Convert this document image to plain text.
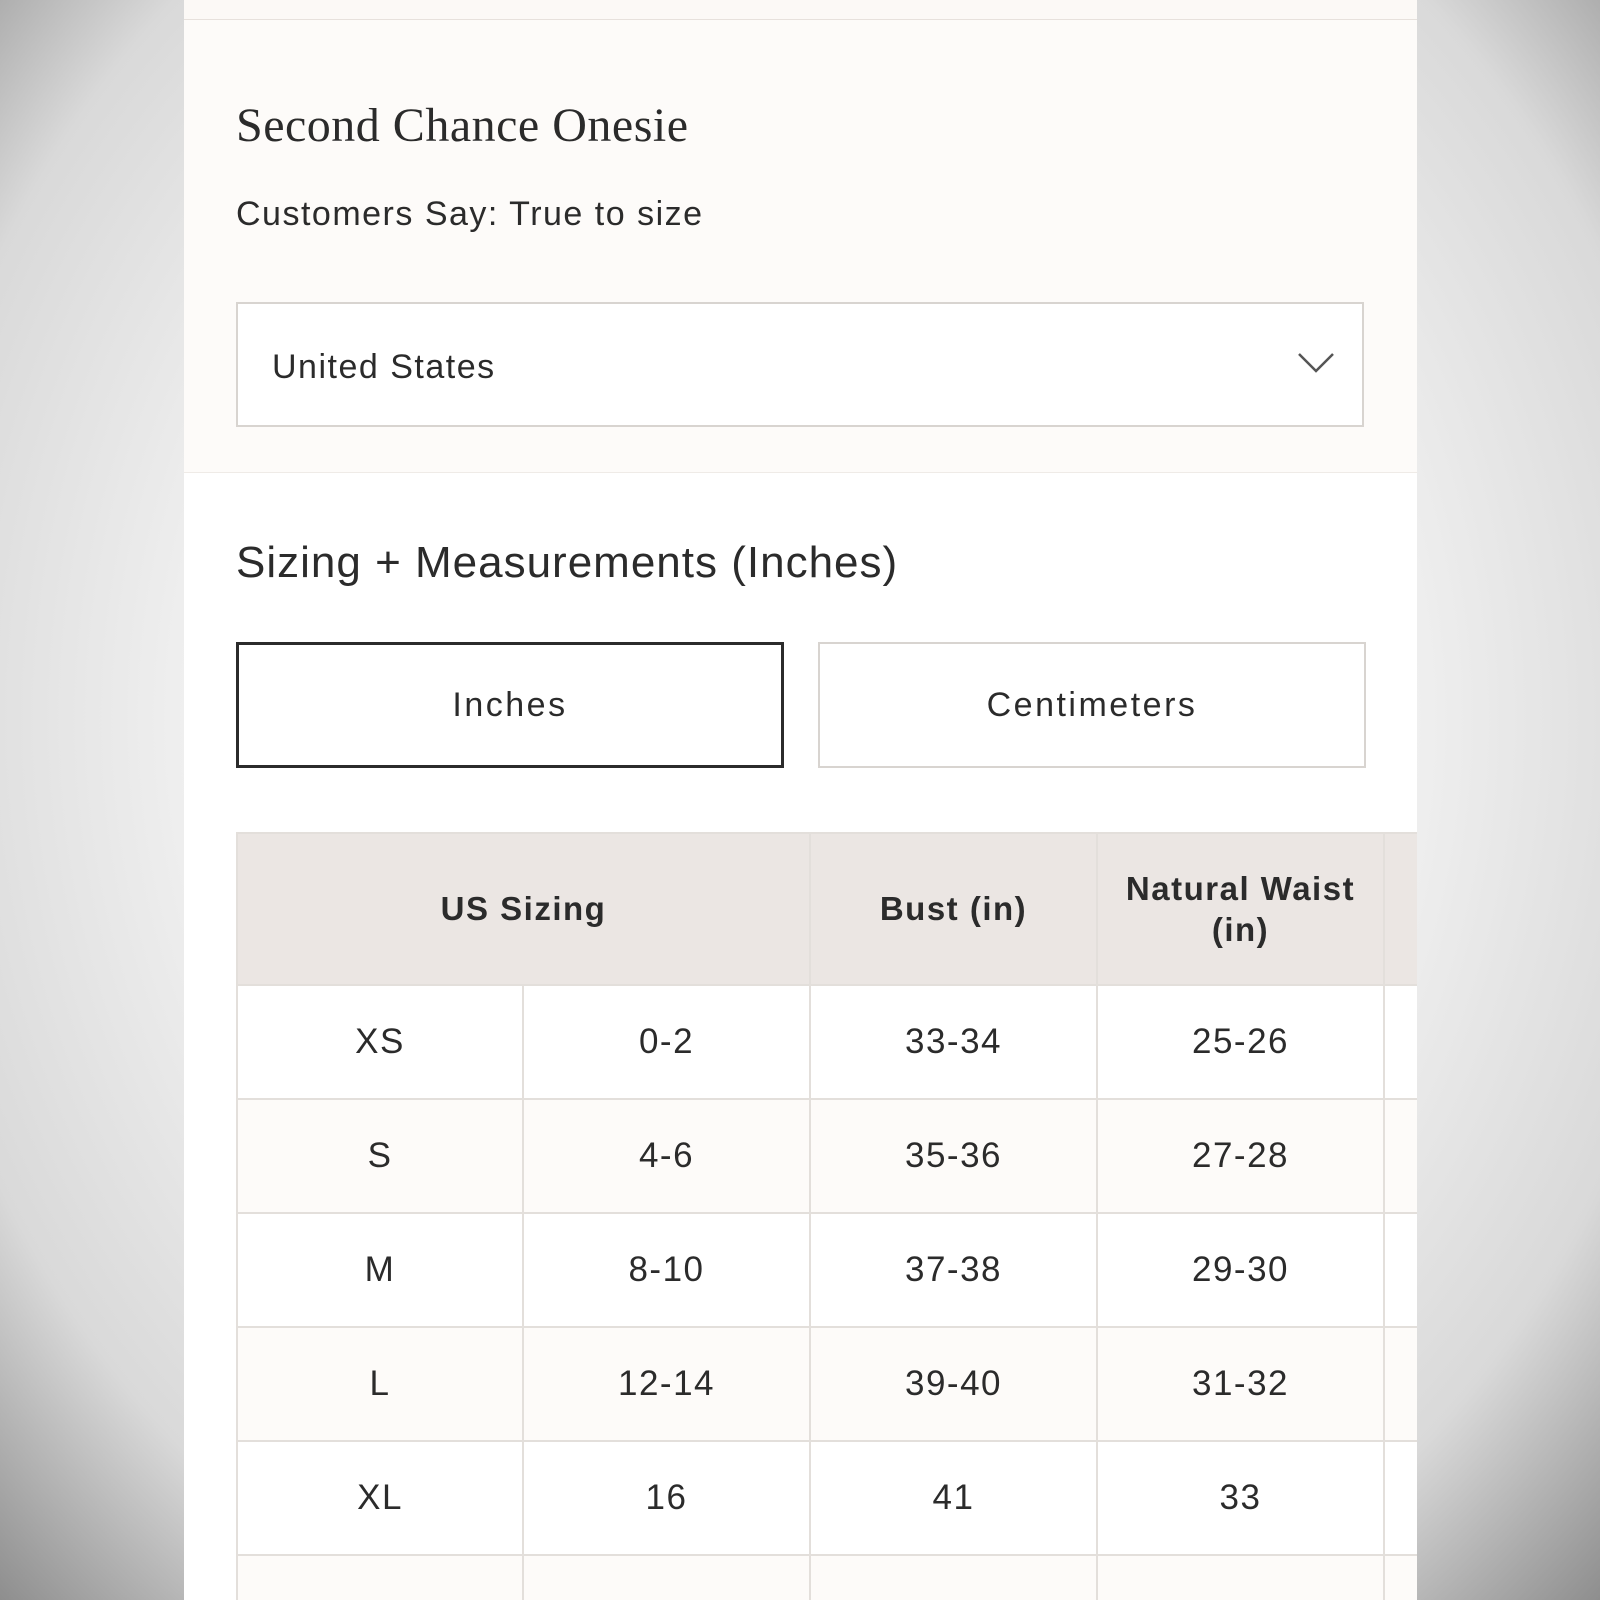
Second Chance Onesie
Customers Say: True to size
United States
Sizing + Measurements (Inches)
Inches	Centimeters
US Sizing		Bust (in)	Natural Waist (in)	
XS	0-2	33-34	25-26	
S	4-6	35-36	27-28	
M	8-10	37-38	29-30	
L	12-14	39-40	31-32	
XL	16	41	33	
